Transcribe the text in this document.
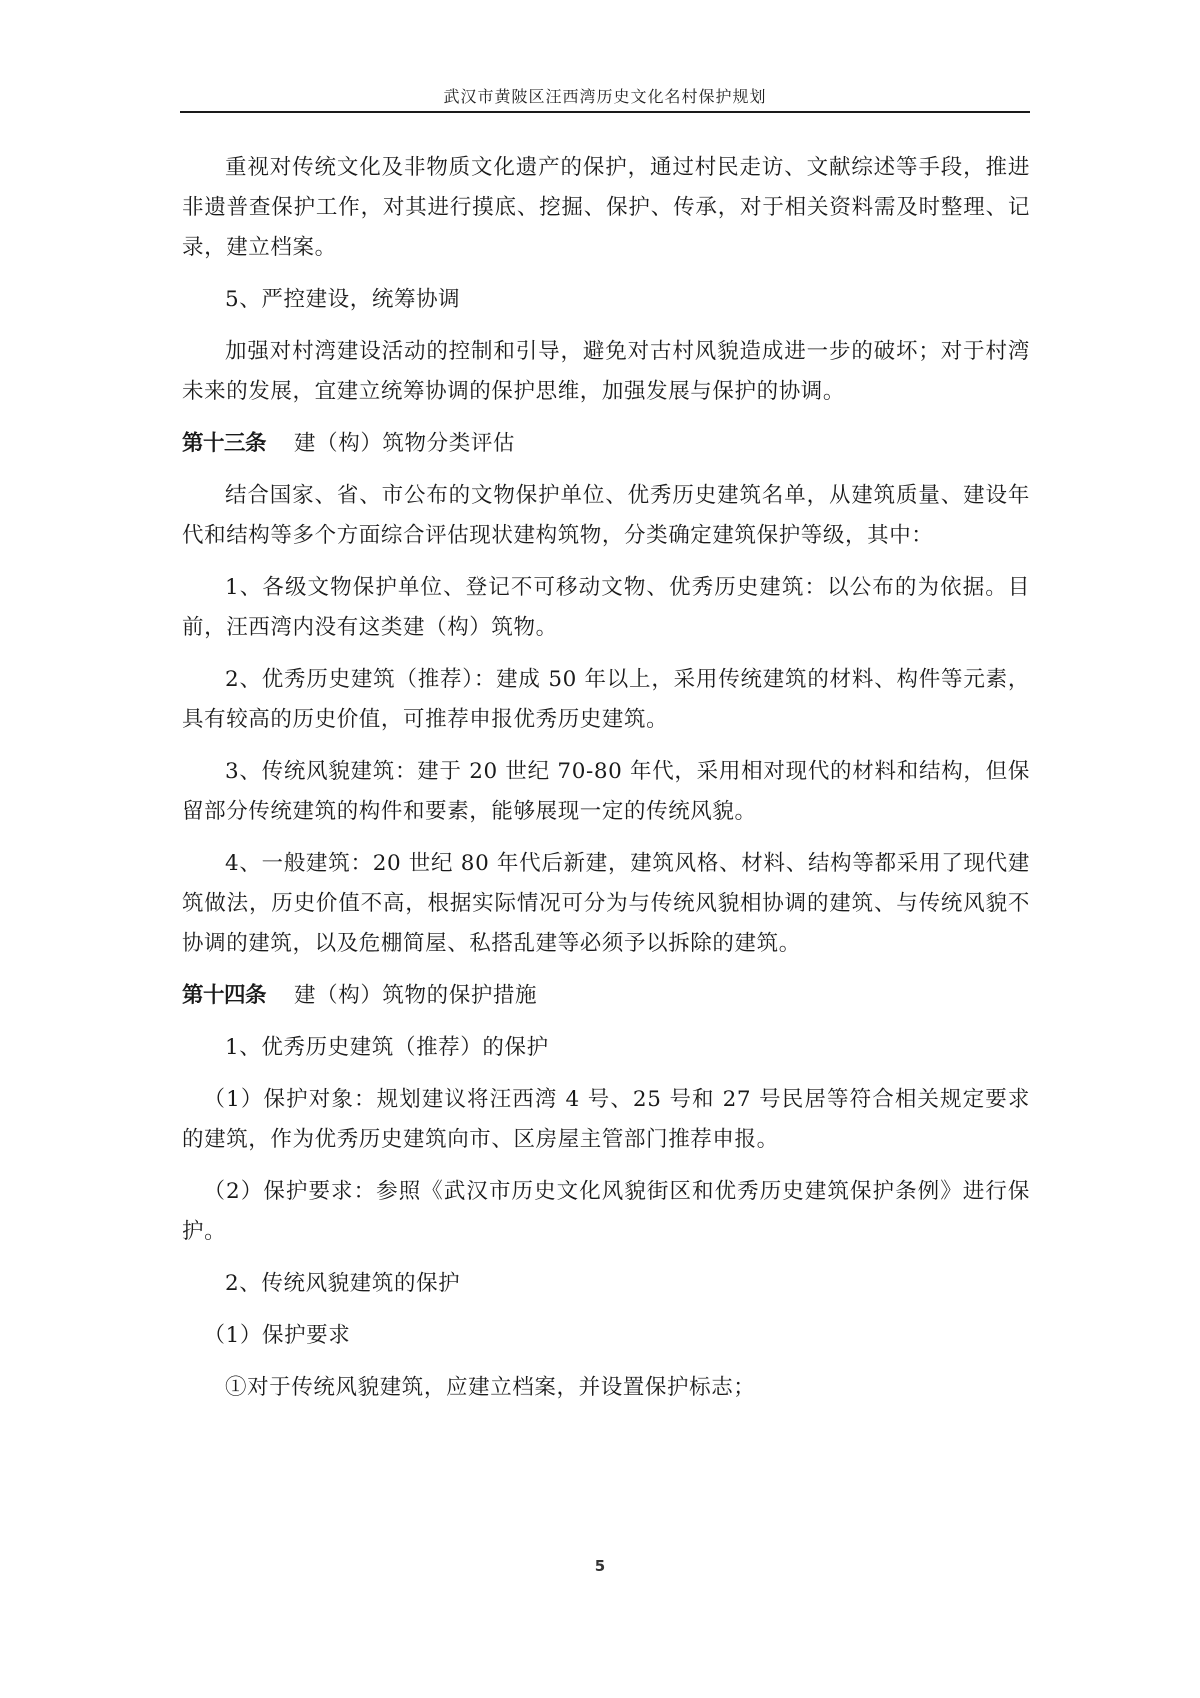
武汉市黄陂区汪西湾历史文化名村保护规划

重视对传统文化及非物质文化遗产的保护，通过村民走访、文献综述等手段，推进非遗普查保护工作，对其进行摸底、挖掘、保护、传承，对于相关资料需及时整理、记录，建立档案。

5、严控建设，统筹协调

加强对村湾建设活动的控制和引导，避免对古村风貌造成进一步的破坏；对于村湾未来的发展，宜建立统筹协调的保护思维，加强发展与保护的协调。

第十三条 建（构）筑物分类评估

结合国家、省、市公布的文物保护单位、优秀历史建筑名单，从建筑质量、建设年代和结构等多个方面综合评估现状建构筑物，分类确定建筑保护等级，其中：

1、各级文物保护单位、登记不可移动文物、优秀历史建筑：以公布的为依据。目前，汪西湾内没有这类建（构）筑物。

2、优秀历史建筑（推荐）：建成 50 年以上，采用传统建筑的材料、构件等元素，具有较高的历史价值，可推荐申报优秀历史建筑。

3、传统风貌建筑：建于 20 世纪 70-80 年代，采用相对现代的材料和结构，但保留部分传统建筑的构件和要素，能够展现一定的传统风貌。

4、一般建筑：20 世纪 80 年代后新建，建筑风格、材料、结构等都采用了现代建筑做法，历史价值不高，根据实际情况可分为与传统风貌相协调的建筑、与传统风貌不协调的建筑，以及危棚简屋、私搭乱建等必须予以拆除的建筑。

第十四条 建（构）筑物的保护措施

1、优秀历史建筑（推荐）的保护

（1）保护对象：规划建议将汪西湾 4 号、25 号和 27 号民居等符合相关规定要求的建筑，作为优秀历史建筑向市、区房屋主管部门推荐申报。

（2）保护要求：参照《武汉市历史文化风貌街区和优秀历史建筑保护条例》进行保护。

2、传统风貌建筑的保护

（1）保护要求

①对于传统风貌建筑，应建立档案，并设置保护标志；

5
